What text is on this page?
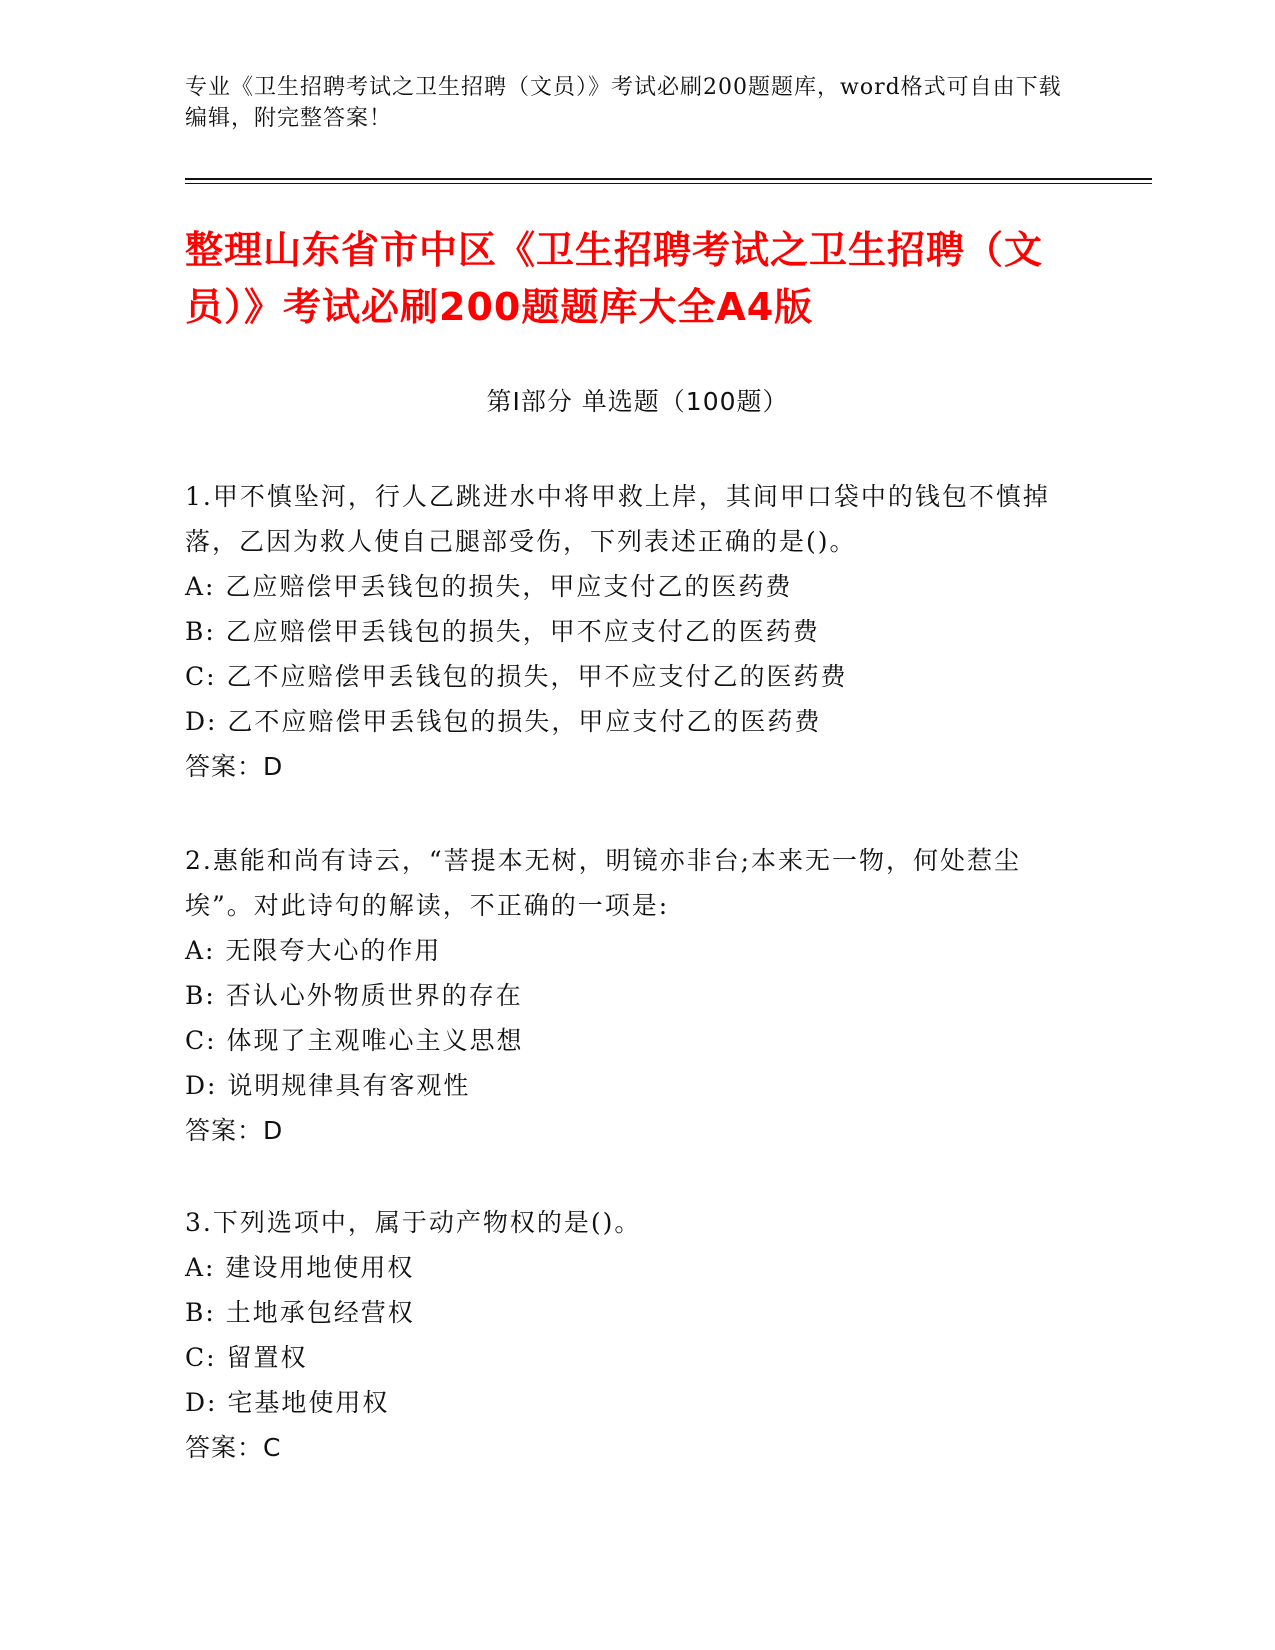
专业《卫生招聘考试之卫生招聘（文员）》考试必刷200题题库，word格式可自由下载编辑，附完整答案！
整理山东省市中区《卫生招聘考试之卫生招聘（文员）》考试必刷200题题库大全A4版
第I部分 单选题（100题）
1.甲不慎坠河，行人乙跳进水中将甲救上岸，其间甲口袋中的钱包不慎掉落，乙因为救人使自己腿部受伤，下列表述正确的是()。
A: 乙应赔偿甲丢钱包的损失，甲应支付乙的医药费
B: 乙应赔偿甲丢钱包的损失，甲不应支付乙的医药费
C: 乙不应赔偿甲丢钱包的损失，甲不应支付乙的医药费
D: 乙不应赔偿甲丢钱包的损失，甲应支付乙的医药费
答案：D
2.惠能和尚有诗云，“菩提本无树，明镜亦非台;本来无一物，何处惹尘埃”。对此诗句的解读，不正确的一项是:
A: 无限夸大心的作用
B: 否认心外物质世界的存在
C: 体现了主观唯心主义思想
D: 说明规律具有客观性
答案：D
3.下列选项中，属于动产物权的是()。
A: 建设用地使用权
B: 土地承包经营权
C: 留置权
D: 宅基地使用权
答案：C
